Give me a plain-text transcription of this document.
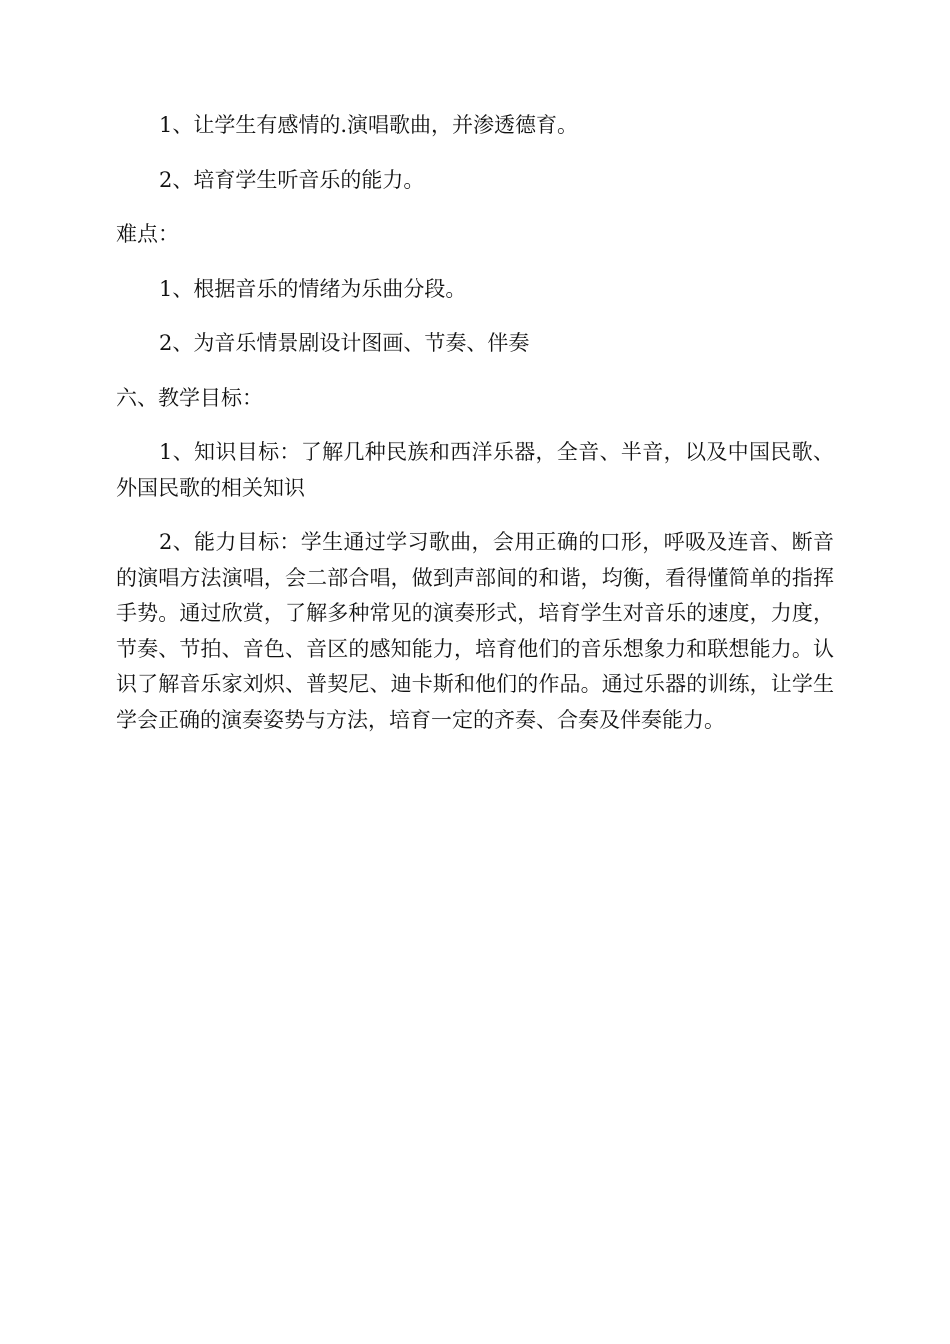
1、让学生有感情的.演唱歌曲，并渗透德育。

2、培育学生听音乐的能力。

难点：

1、根据音乐的情绪为乐曲分段。

2、为音乐情景剧设计图画、节奏、伴奏

六、教学目标：

1、知识目标：了解几种民族和西洋乐器，全音、半音，以及中国民歌、外国民歌的相关知识

2、能力目标：学生通过学习歌曲，会用正确的口形，呼吸及连音、断音的演唱方法演唱，会二部合唱，做到声部间的和谐，均衡，看得懂简单的指挥手势。通过欣赏，了解多种常见的演奏形式，培育学生对音乐的速度，力度，节奏、节拍、音色、音区的感知能力，培育他们的音乐想象力和联想能力。认识了解音乐家刘炽、普契尼、迪卡斯和他们的作品。通过乐器的训练，让学生学会正确的演奏姿势与方法，培育一定的齐奏、合奏及伴奏能力。
